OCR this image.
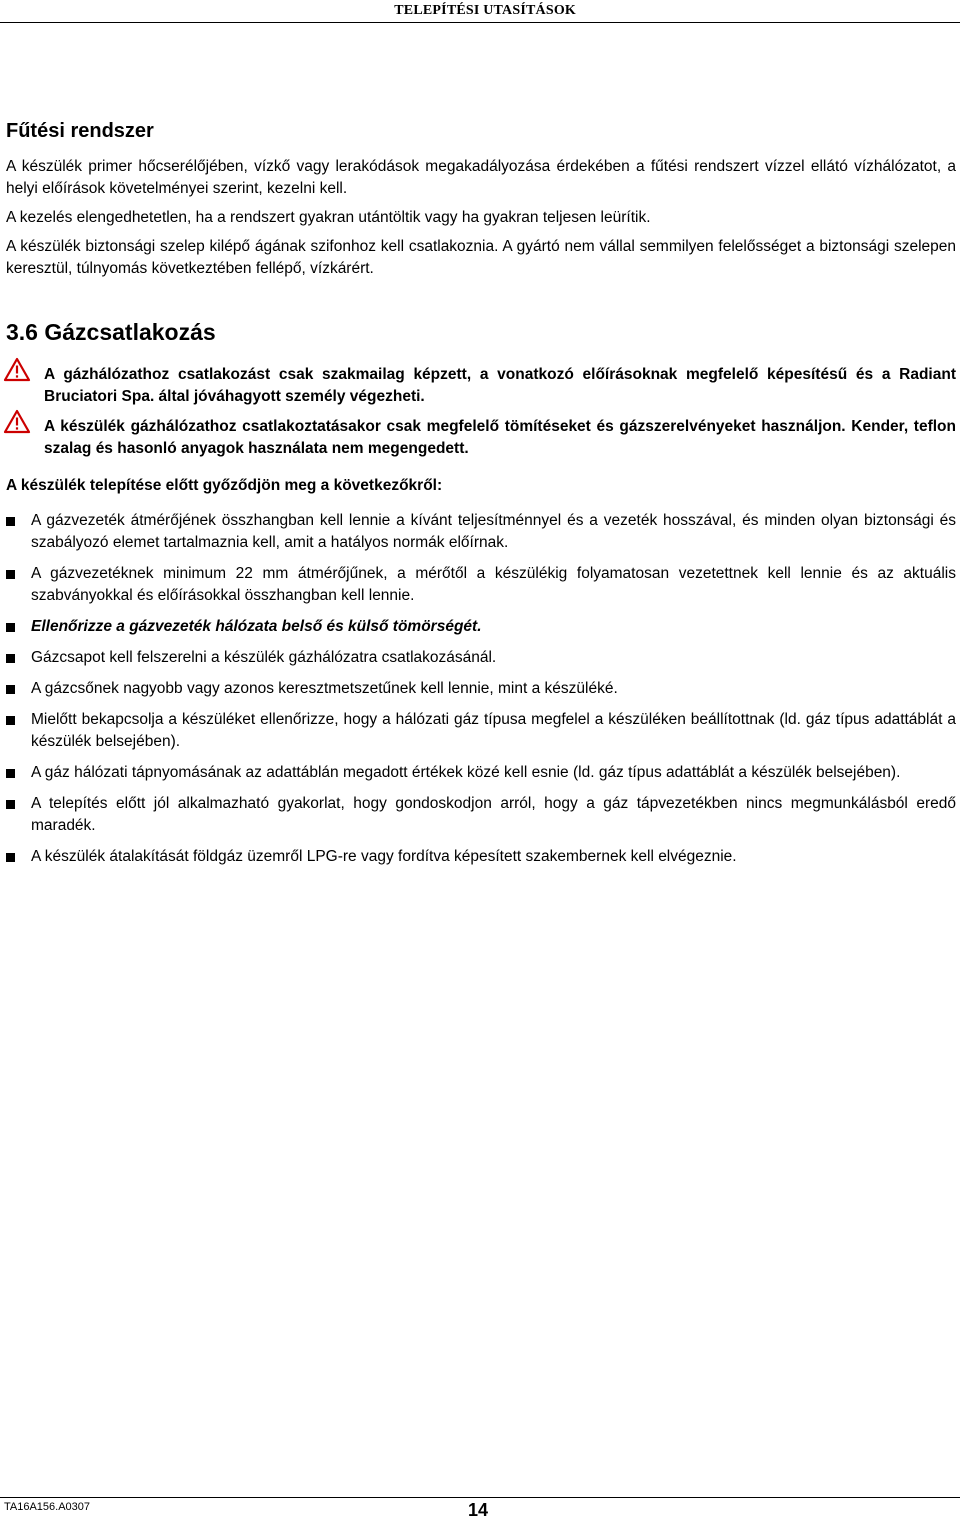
TELEPÍTÉSI UTASÍTÁSOK
Fűtési rendszer

A készülék primer hőcserélőjében, vízkő vagy lerakódások megakadályozása érdekében a fűtési rendszert vízzel ellátó vízhálózatot, a helyi előírások követelményei szerint, kezelni kell.

A kezelés elengedhetetlen, ha a rendszert gyakran utántöltik vagy ha gyakran teljesen leürítik.

A készülék biztonsági szelep kilépő ágának szifonhoz kell csatlakoznia. A gyártó nem vállal semmilyen felelősséget a biztonsági szelepen keresztül, túlnyomás következtében fellépő, vízkárért.

3.6 Gázcsatlakozás
A gázhálózathoz csatlakozást csak szakmailag képzett, a vonatkozó előírásoknak megfelelő képesítésű és a Radiant Bruciatori Spa. által jóváhagyott személy végezheti.
A készülék gázhálózathoz csatlakoztatásakor csak megfelelő tömítéseket és gázszerelvényeket használjon. Kender, teflon szalag és hasonló anyagok használata nem megengedett.

A készülék telepítése előtt győződjön meg a következőkről:

A gázvezeték átmérőjének összhangban kell lennie a kívánt teljesítménnyel és a vezeték hosszával, és minden olyan biztonsági és szabályozó elemet tartalmaznia kell, amit a hatályos normák előírnak.
A gázvezetéknek minimum 22 mm átmérőjűnek, a mérőtől a készülékig folyamatosan vezetettnek kell lennie és az aktuális szabványokkal és előírásokkal összhangban kell lennie.
Ellenőrizze a gázvezeték hálózata belső és külső tömörségét.
Gázcsapot kell felszerelni a készülék gázhálózatra csatlakozásánál.
A gázcsőnek nagyobb vagy azonos keresztmetszetűnek kell lennie, mint a készüléké.
Mielőtt bekapcsolja a készüléket ellenőrizze, hogy a hálózati gáz típusa megfelel a készüléken beállítottnak (ld. gáz típus adattáblát a készülék belsejében).
A gáz hálózati tápnyomásának az adattáblán megadott értékek közé kell esnie (ld. gáz típus adattáblát a készülék belsejében).
A telepítés előtt jól alkalmazható gyakorlat, hogy gondoskodjon arról, hogy a gáz tápvezetékben nincs megmunkálásból eredő maradék.
A készülék átalakítását földgáz üzemről LPG-re vagy fordítva képesített szakembernek kell elvégeznie.
TA16A156.A0307	14
